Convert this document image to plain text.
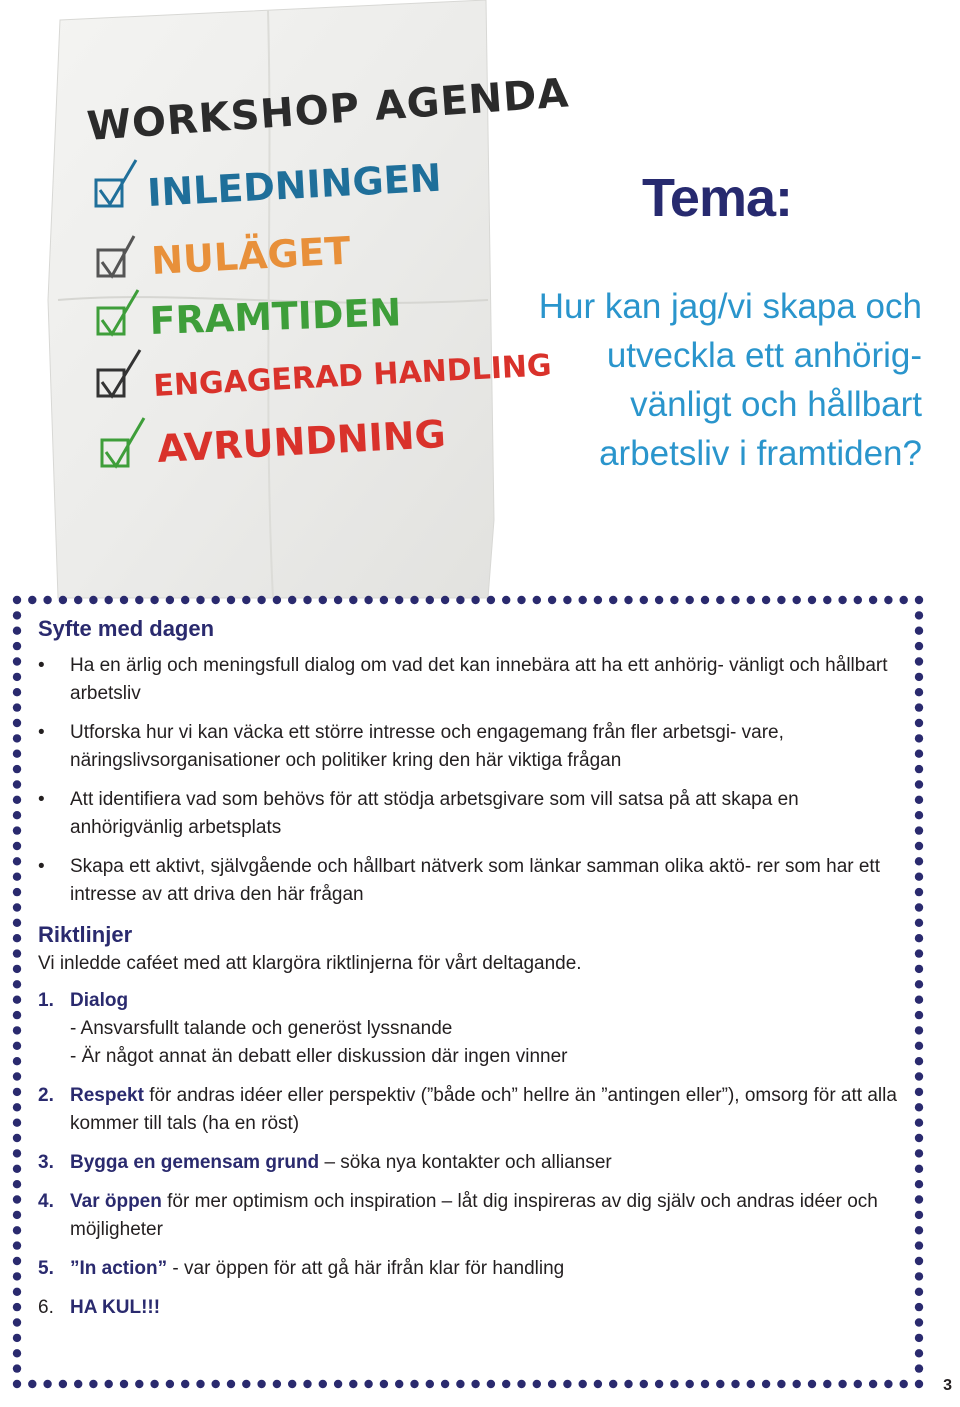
WORKSHOP AGENDA
INLEDNINGEN
NULÄGET
FRAMTIDEN
ENGAGERAD HANDLING
AVRUNDNING
Tema:
Hur kan jag/vi skapa och
utveckla ett anhörig-
vänligt och hållbart
arbetsliv i framtiden?
Syfte med dagen
• Ha en ärlig och meningsfull dialog om vad det kan innebära att ha ett anhörig- vänligt och hållbart arbetsliv
• Utforska hur vi kan väcka ett större intresse och engagemang från fler arbetsgi- vare, näringslivsorganisationer och politiker kring den här viktiga frågan
• Att identifiera vad som behövs för att stödja arbetsgivare som vill satsa på att skapa en anhörigvänlig arbetsplats
• Skapa ett aktivt, självgående och hållbart nätverk som länkar samman olika aktö- rer som har ett intresse av att driva den här frågan
Riktlinjer

Vi inledde caféet med att klargöra riktlinjerna för vårt deltagande.

1. Dialog
- Ansvarsfullt talande och generöst lyssnande
- Är något annat än debatt eller diskussion där ingen vinner
2. Respekt för andras idéer eller perspektiv (”både och” hellre än ”antingen eller”), omsorg för att alla kommer till tals (ha en röst)
3. Bygga en gemensam grund – söka nya kontakter och allianser
4. Var öppen för mer optimism och inspiration – låt dig inspireras av dig själv och andras idéer och möjligheter
5. ”In action” - var öppen för att gå här ifrån klar för handling
6. HA KUL!!!
3
